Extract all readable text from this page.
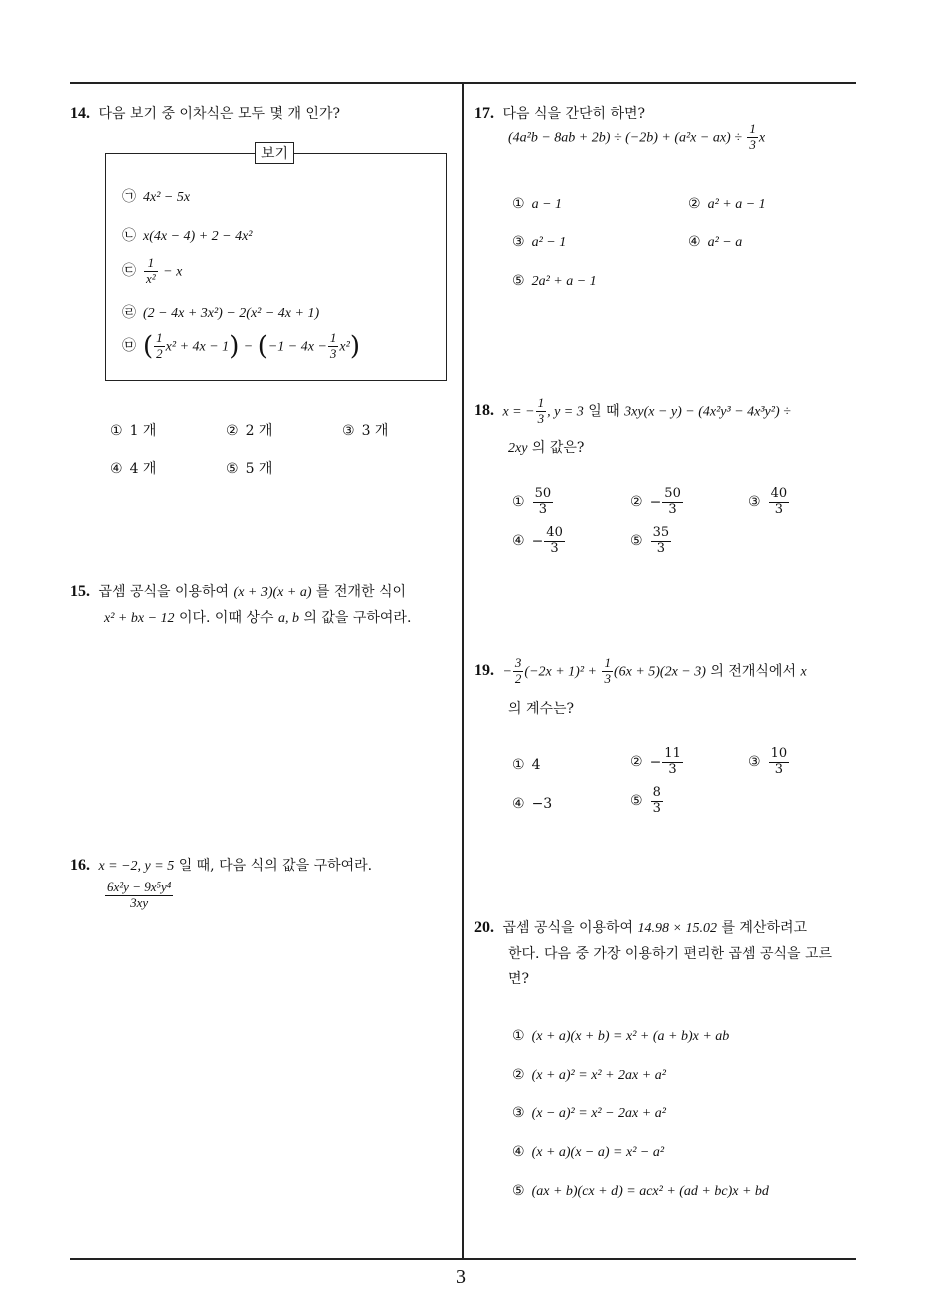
14. 다음 보기 중 이차식은 모두 몇 개 인가?
보기
㉠ 4x² − 5x
㉡ x(4x − 4) + 2 − 4x²
㉢ $\frac{1}{\text{x²}} - x$
㉣ (2 − 4x + 3x²) − 2(x² − 4x + 1)
㉤ ( $\frac{1}{2} x^2 + 4x - 1) - (-1 - 4x - \frac{1}{3} x^2)$
① 1 개	② 2 개	③ 3 개
④ 4 개	⑤ 5 개
15. 곱셈 공식을 이용하여 (x + 3)(x + a) 를 전개한 식이
x² + bx − 12 이다. 이때 상수 a, b 의 값을 구하여라.
16. x = −2, y = 5 일 때, 다음 식의 값을 구하여라.
$\frac{\text{6x²y − 9x⁵y⁴}}{3xy}$
17. 다음 식을 간단히 하면?
$(4a^2b - 8ab + 2b) \div (-2b) + (a^2x - ax) \div \frac{1}{3}$ x
① a − 1	② a² + a − 1
③ a² − 1	④ a² − a
⑤ 2a² + a − 1
18. x = − $\frac{1}{3}$ , y = 3 일 때 3xy(x − y) − (4x²y³ − 4x³y²) ÷
2xy 의 값은?
① $\frac{50}{3}$	② − $\frac{50}{3}$	③ $\frac{40}{3}$
④ − $\frac{40}{3}$	⑤ $\frac{35}{3}$
19. − $\frac{3}{2} (-2x + 1)^2 + \frac{1}{3} (6x + 5)(2x - 3)$ 의 전개식에서 x
의 계수는?
① 4	② − $\frac{11}{3}$	③ $\frac{10}{3}$
④ −3	⑤ $\frac{8}{3}$
20. 곱셈 공식을 이용하여 14.98 × 15.02 를 계산하려고
한다. 다음 중 가장 이용하기 편리한 곱셈 공식을 고르
면?
① (x + a)(x + b) = x² + (a + b)x + ab
② (x + a)² = x² + 2ax + a²
③ (x − a)² = x² − 2ax + a²
④ (x + a)(x − a) = x² − a²
⑤ (ax + b)(cx + d) = acx² + (ad + bc)x + bd
3
